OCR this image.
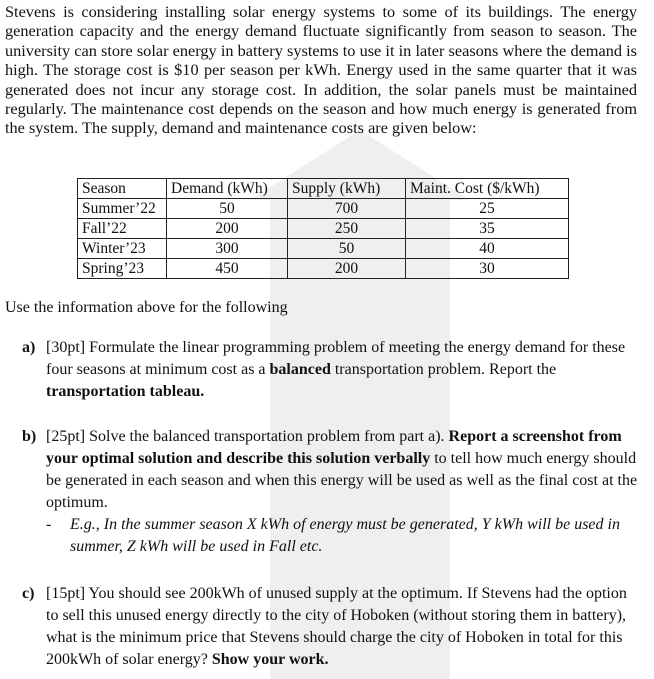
Stevens is considering installing solar energy systems to some of its buildings. The energy generation capacity and the energy demand fluctuate significantly from season to season. The university can store solar energy in battery systems to use it in later seasons where the demand is high. The storage cost is $10 per season per kWh. Energy used in the same quarter that it was generated does not incur any storage cost. In addition, the solar panels must be maintained regularly. The maintenance cost depends on the season and how much energy is generated from the system. The supply, demand and maintenance costs are given below:
Season	Demand (kWh)	Supply (kWh)	Maint. Cost ($/kWh)
Summer’22	50	700	25
Fall’22	200	250	35
Winter’23	300	50	40
Spring’23	450	200	30
Use the information above for the following
a) [30pt] Formulate the linear programming problem of meeting the energy demand for these four seasons at minimum cost as a balanced transportation problem. Report the transportation tableau.
b) [25pt] Solve the balanced transportation problem from part a). Report a screenshot from your optimal solution and describe this solution verbally to tell how much energy should be generated in each season and when this energy will be used as well as the final cost at the optimum.
- E.g., In the summer season X kWh of energy must be generated, Y kWh will be used in summer, Z kWh will be used in Fall etc.
c) [15pt] You should see 200kWh of unused supply at the optimum. If Stevens had the option to sell this unused energy directly to the city of Hoboken (without storing them in battery), what is the minimum price that Stevens should charge the city of Hoboken in total for this 200kWh of solar energy? Show your work.
